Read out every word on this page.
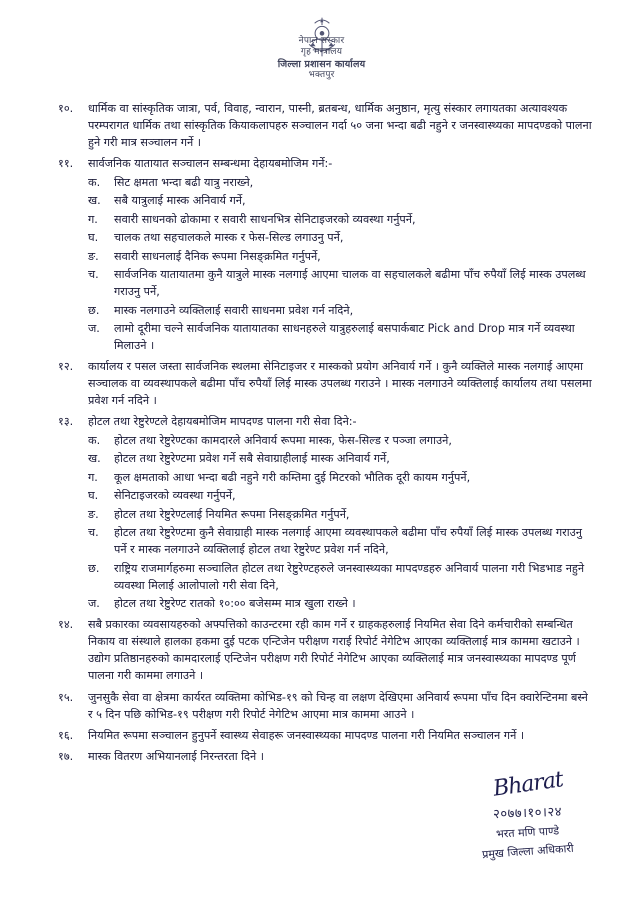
नेपाल सरकार
गृह मन्त्रालय
जिल्ला प्रशासन कार्यालय
भक्तपुर
१०.	धार्मिक वा सांस्कृतिक जात्रा, पर्व, विवाह, न्वारान, पास्नी, ब्रतबन्ध, धार्मिक अनुष्ठान, मृत्यु संस्कार लगायतका अत्यावश्यक परम्परागत धार्मिक तथा सांस्कृतिक कियाकलापहरु सञ्चालन गर्दा ५० जना भन्दा बढी नहुने र जनस्वास्थ्यका मापदण्डको पालना हुने गरी मात्र सञ्चालन गर्ने ।
११.	सार्वजनिक यातायात सञ्चालन सम्बन्धमा देहायबमोजिम गर्ने:-
क.	सिट क्षमता भन्दा बढी यात्रु नराख्ने,
ख.	सबै यात्रुलाई मास्क अनिवार्य गर्ने,
ग.	सवारी साधनको ढोकामा र सवारी साधनभित्र सेनिटाइजरको व्यवस्था गर्नुपर्ने,
घ.	चालक तथा सहचालकले मास्क र फेस-सिल्ड लगाउनु पर्ने,
ङ.	सवारी साधनलाई दैनिक रूपमा निसङ्क्रमित गर्नुपर्ने,
च.	सार्वजनिक यातायातमा कुनै यात्रुले मास्क नलगाई आएमा चालक वा सहचालकले बढीमा पाँच रुपैयाँ लिई मास्क उपलब्ध गराउनु पर्ने,
छ.	मास्क नलगाउने व्यक्तिलाई सवारी साधनमा प्रवेश गर्न नदिने,
ज.	लामो दूरीमा चल्ने सार्वजनिक यातायातका साधनहरुले यात्रुहरुलाई बसपार्कबाट Pick and Drop मात्र गर्ने व्यवस्था मिलाउने ।
१२.	कार्यालय र पसल जस्ता सार्वजनिक स्थलमा सेनिटाइजर र मास्कको प्रयोग अनिवार्य गर्ने । कुनै व्यक्तिले मास्क नलगाई आएमा सञ्चालक वा व्यवस्थापकले बढीमा पाँच रुपैयाँ लिई मास्क उपलब्ध गराउने । मास्क नलगाउने व्यक्तिलाई कार्यालय तथा पसलमा प्रवेश गर्न नदिने ।
१३.	होटल तथा रेष्टुरेण्टले देहायबमोजिम मापदण्ड पालना गरी सेवा दिने:-
क.	होटल तथा रेष्टुरेण्टका कामदारले अनिवार्य रूपमा मास्क, फेस-सिल्ड र पञ्जा लगाउने,
ख.	होटल तथा रेष्टुरेण्टमा प्रवेश गर्ने सबै सेवाग्राहीलाई मास्क अनिवार्य गर्ने,
ग.	कूल क्षमताको आधा भन्दा बढी नहुने गरी कम्तिमा दुई मिटरको भौतिक दूरी कायम गर्नुपर्ने,
घ.	सेनिटाइजरको व्यवस्था गर्नुपर्ने,
ङ.	होटल तथा रेष्टुरेण्टलाई नियमित रूपमा निसङ्क्रमित गर्नुपर्ने,
च.	होटल तथा रेष्टुरेण्टमा कुनै सेवाग्राही मास्क नलगाई आएमा व्यवस्थापकले बढीमा पाँच रुपैयाँ लिई मास्क उपलब्ध गराउनु पर्ने र मास्क नलगाउने व्यक्तिलाई होटल तथा रेष्टुरेण्ट प्रवेश गर्न नदिने,
छ.	राष्ट्रिय राजमार्गहरुमा सञ्चालित होटल तथा रेष्टुरेण्टहरुले जनस्वास्थ्यका मापदण्डहरु अनिवार्य पालना गरी भिडभाड नहुने व्यवस्था मिलाई आलोपालो गरी सेवा दिने,
ज.	होटल तथा रेष्टुरेण्ट रातको १०:०० बजेसम्म मात्र खुला राख्ने ।
१४.	सबै प्रकारका व्यवसायहरुको अफ्पत्तिको काउन्टरमा रही काम गर्ने र ग्राहकहरुलाई नियमित सेवा दिने कर्मचारीको सम्बन्धित निकाय वा संस्थाले हालका हकमा दुई पटक एन्टिजेन परीक्षण गराई रिपोर्ट नेगेटिभ आएका व्यक्तिलाई मात्र काममा खटाउने । उद्योग प्रतिष्ठानहरुको कामदारलाई एन्टिजेन परीक्षण गरी रिपोर्ट नेगेटिभ आएका व्यक्तिलाई मात्र जनस्वास्थ्यका मापदण्ड पूर्ण पालना गरी काममा लगाउने ।
१५.	जुनसुकै सेवा वा क्षेत्रमा कार्यरत व्यक्तिमा कोभिड-१९ को चिन्ह वा लक्षण देखिएमा अनिवार्य रूपमा पाँच दिन क्वारेन्टिनमा बस्ने र ५ दिन पछि कोभिड-१९ परीक्षण गरी रिपोर्ट नेगेटिभ आएमा मात्र काममा आउने ।
१६.	नियमित रूपमा सञ्चालन हुनुपर्ने स्वास्थ्य सेवाहरू जनस्वास्थ्यका मापदण्ड पालना गरी नियमित सञ्चालन गर्ने ।
१७.	मास्क वितरण अभियानलाई निरन्तरता दिने ।
Bharat
२०७७।१०।२४
भरत मणि पाण्डे
प्रमुख जिल्ला अधिकारी
